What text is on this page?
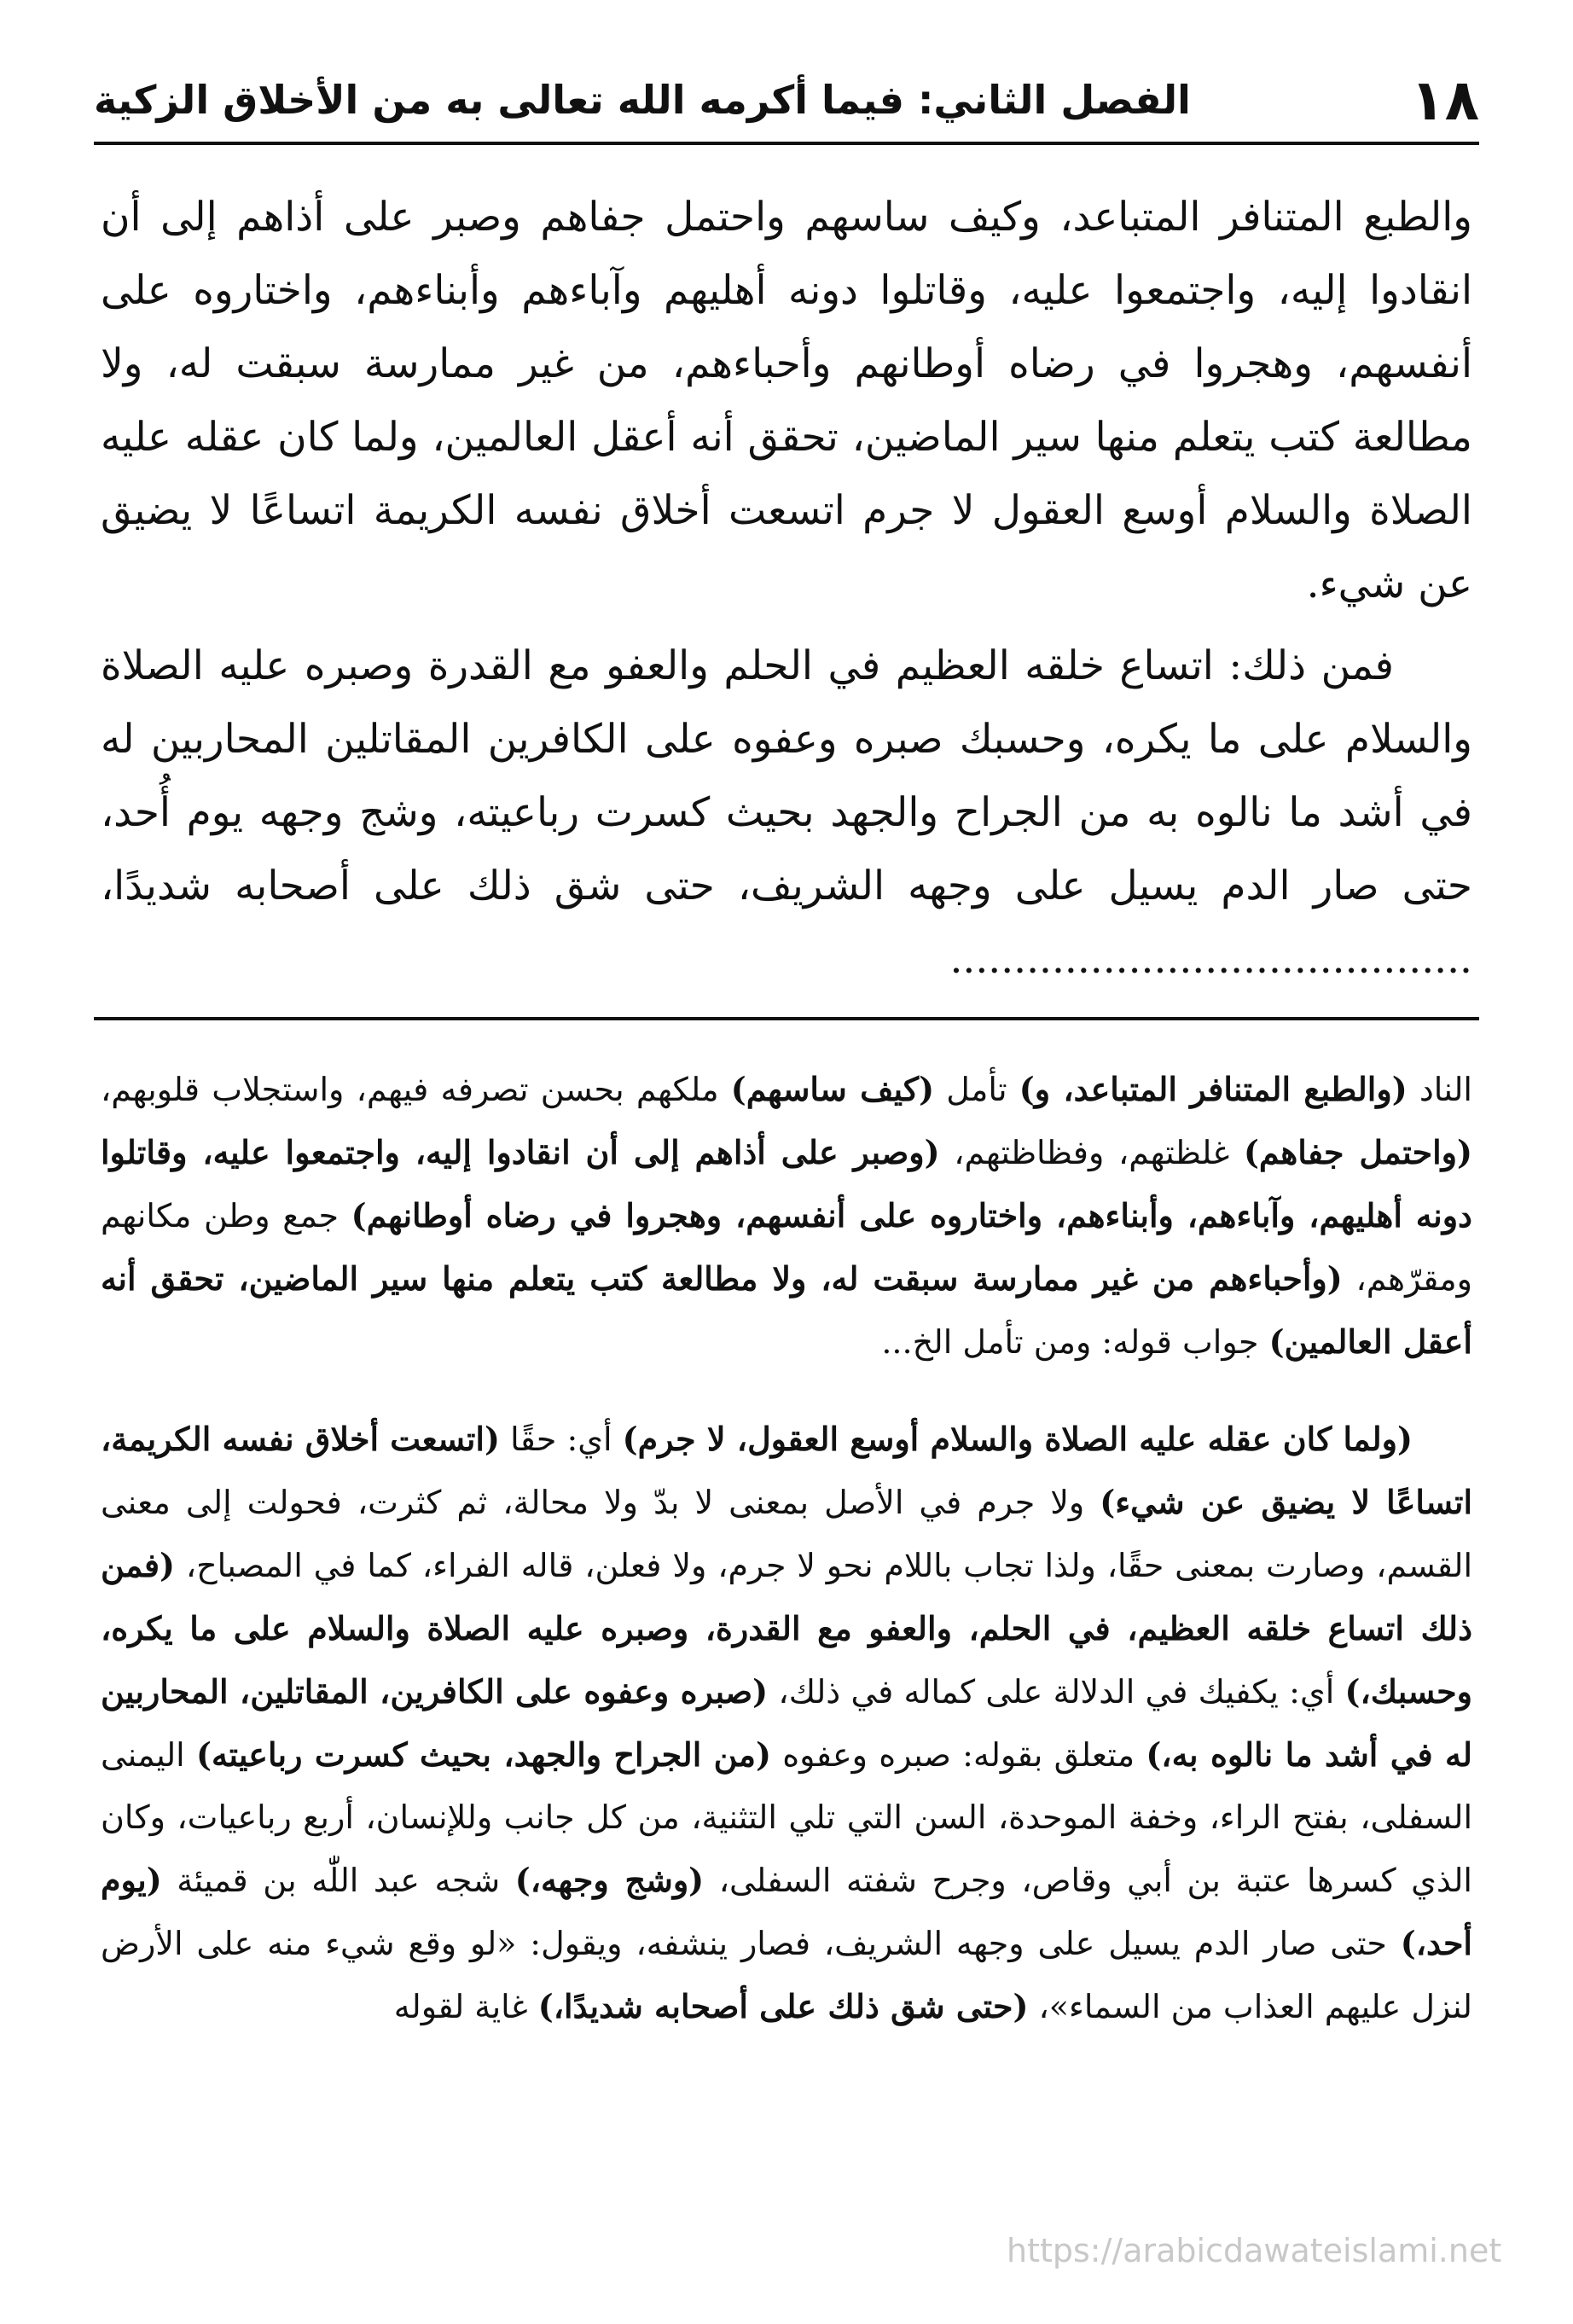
١٨
الفصل الثاني: فيما أكرمه الله تعالى به من الأخلاق الزكية

والطبع المتنافر المتباعد، وكيف ساسهم واحتمل جفاهم وصبر على أذاهم إلى أن انقادوا إليه، واجتمعوا عليه، وقاتلوا دونه أهليهم وآباءهم وأبناءهم، واختاروه على أنفسهم، وهجروا في رضاه أوطانهم وأحباءهم، من غير ممارسة سبقت له، ولا مطالعة كتب يتعلم منها سير الماضين، تحقق أنه أعقل العالمين، ولما كان عقله عليه الصلاة والسلام أوسع العقول لا جرم اتسعت أخلاق نفسه الكريمة اتساعًا لا يضيق عن شيء.

فمن ذلك: اتساع خلقه العظيم في الحلم والعفو مع القدرة وصبره عليه الصلاة والسلام على ما يكره، وحسبك صبره وعفوه على الكافرين المقاتلين المحاربين له في أشد ما نالوه به من الجراح والجهد بحيث كسرت رباعيته، وشج وجهه يوم أُحد، حتى صار الدم يسيل على وجهه الشريف، حتى شق ذلك على أصحابه شديدًا، .........................................

الناد (والطبع المتنافر المتباعد، و) تأمل (كيف ساسهم) ملكهم بحسن تصرفه فيهم، واستجلاب قلوبهم، (واحتمل جفاهم) غلظتهم، وفظاظتهم، (وصبر على أذاهم إلى أن انقادوا إليه، واجتمعوا عليه، وقاتلوا دونه أهليهم، وآباءهم، وأبناءهم، واختاروه على أنفسهم، وهجروا في رضاه أوطانهم) جمع وطن مكانهم ومقرّهم، (وأحباءهم من غير ممارسة سبقت له، ولا مطالعة كتب يتعلم منها سير الماضين، تحقق أنه أعقل العالمين) جواب قوله: ومن تأمل الخ...

(ولما كان عقله عليه الصلاة والسلام أوسع العقول، لا جرم) أي: حقًا (اتسعت أخلاق نفسه الكريمة، اتساعًا لا يضيق عن شيء) ولا جرم في الأصل بمعنى لا بدّ ولا محالة، ثم كثرت، فحولت إلى معنى القسم، وصارت بمعنى حقًا، ولذا تجاب باللام نحو لا جرم، ولا فعلن، قاله الفراء، كما في المصباح، (فمن ذلك اتساع خلقه العظيم، في الحلم، والعفو مع القدرة، وصبره عليه الصلاة والسلام على ما يكره، وحسبك،) أي: يكفيك في الدلالة على كماله في ذلك، (صبره وعفوه على الكافرين، المقاتلين، المحاربين له في أشد ما نالوه به،) متعلق بقوله: صبره وعفوه (من الجراح والجهد، بحيث كسرت رباعيته) اليمنى السفلى، بفتح الراء، وخفة الموحدة، السن التي تلي التثنية، من كل جانب وللإنسان، أربع رباعيات، وكان الذي كسرها عتبة بن أبي وقاص، وجرح شفته السفلى، (وشج وجهه،) شجه عبد اللّٰه بن قميئة (يوم أحد،) حتى صار الدم يسيل على وجهه الشريف، فصار ينشفه، ويقول: «لو وقع شيء منه على الأرض لنزل عليهم العذاب من السماء»، (حتى شق ذلك على أصحابه شديدًا،) غاية لقوله

https://arabicdawateislami.net
